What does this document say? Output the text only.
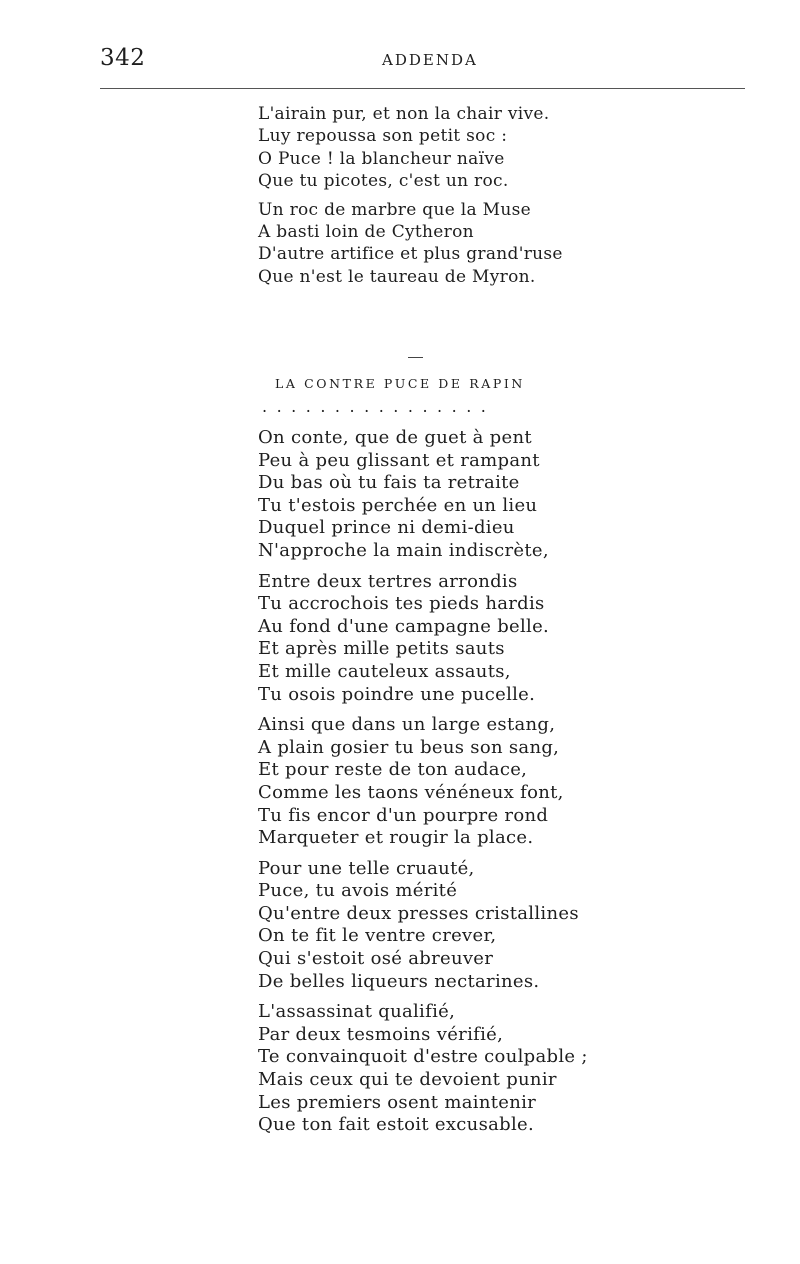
342	ADDENDA
L'airain pur, et non la chair vive.
Luy repoussa son petit soc :
O Puce ! la blancheur naïve
Que tu picotes, c'est un roc.
Un roc de marbre que la Muse
A basti loin de Cytheron
D'autre artifice et plus grand'ruse
Que n'est le taureau de Myron.
LA CONTRE PUCE DE RAPIN
................
On conte, que de guet à pent
Peu à peu glissant et rampant
Du bas où tu fais ta retraite
Tu t'estois perchée en un lieu
Duquel prince ni demi-dieu
N'approche la main indiscrète,
Entre deux tertres arrondis
Tu accrochois tes pieds hardis
Au fond d'une campagne belle.
Et après mille petits sauts
Et mille cauteleux assauts,
Tu osois poindre une pucelle.
Ainsi que dans un large estang,
A plain gosier tu beus son sang,
Et pour reste de ton audace,
Comme les taons vénéneux font,
Tu fis encor d'un pourpre rond
Marqueter et rougir la place.
Pour une telle cruauté,
Puce, tu avois mérité
Qu'entre deux presses cristallines
On te fit le ventre crever,
Qui s'estoit osé abreuver
De belles liqueurs nectarines.
L'assassinat qualifié,
Par deux tesmoins vérifié,
Te convainquoit d'estre coulpable ;
Mais ceux qui te devoient punir
Les premiers osent maintenir
Que ton fait estoit excusable.
